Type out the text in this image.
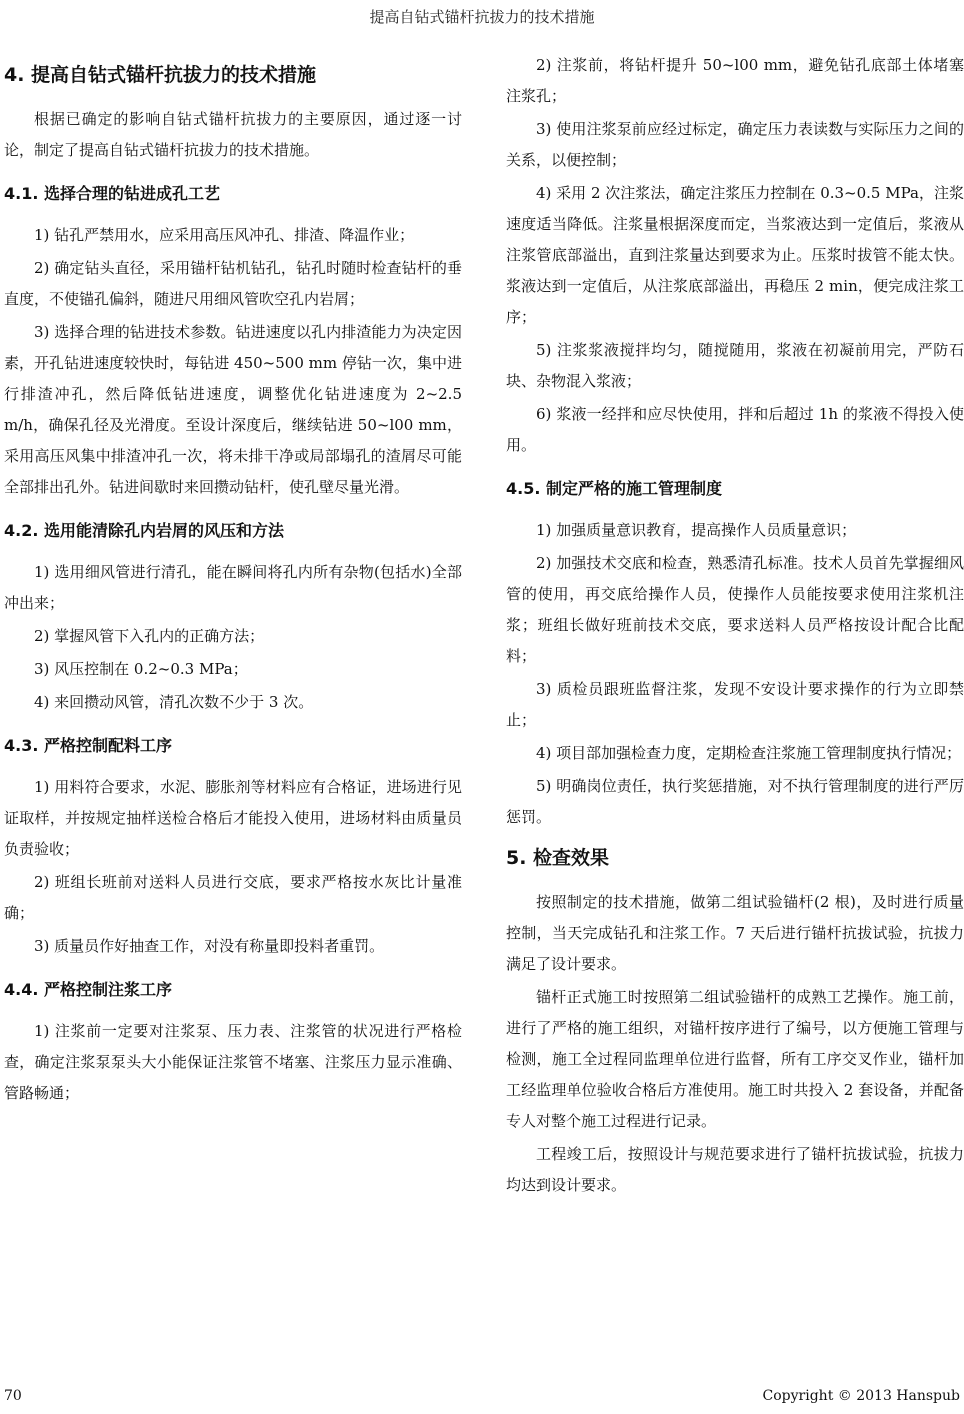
提高自钻式锚杆抗拔力的技术措施
4. 提高自钻式锚杆抗拔力的技术措施

根据已确定的影响自钻式锚杆抗拔力的主要原因，通过逐一讨论，制定了提高自钻式锚杆抗拔力的技术措施。

4.1. 选择合理的钻进成孔工艺

1) 钻孔严禁用水，应采用高压风冲孔、排渣、降温作业；

2) 确定钻头直径，采用锚杆钻机钻孔，钻孔时随时检查钻杆的垂直度，不使锚孔偏斜，随进尺用细风管吹空孔内岩屑；

3) 选择合理的钻进技术参数。钻进速度以孔内排渣能力为决定因素，开孔钻进速度较快时，每钻进 450~500 mm 停钻一次，集中进行排渣冲孔，然后降低钻进速度，调整优化钻进速度为 2~2.5 m/h，确保孔径及光滑度。至设计深度后，继续钻进 50~l00 mm，采用高压风集中排渣冲孔一次，将未排干净或局部塌孔的渣屑尽可能全部排出孔外。钻进间歇时来回攒动钻杆，使孔壁尽量光滑。

4.2. 选用能清除孔内岩屑的风压和方法

1) 选用细风管进行清孔，能在瞬间将孔内所有杂物(包括水)全部冲出来；

2) 掌握风管下入孔内的正确方法；

3) 风压控制在 0.2~0.3 MPa；

4) 来回攒动风管，清孔次数不少于 3 次。

4.3. 严格控制配料工序

1) 用料符合要求，水泥、膨胀剂等材料应有合格证，进场进行见证取样，并按规定抽样送检合格后才能投入使用，进场材料由质量员负责验收；

2) 班组长班前对送料人员进行交底，要求严格按水灰比计量准确；

3) 质量员作好抽查工作，对没有称量即投料者重罚。

4.4. 严格控制注浆工序

1) 注浆前一定要对注浆泵、压力表、注浆管的状况进行严格检查，确定注浆泵泵头大小能保证注浆管不堵塞、注浆压力显示准确、管路畅通；

2) 注浆前，将钻杆提升 50~l00 mm，避免钻孔底部土体堵塞注浆孔；

3) 使用注浆泵前应经过标定，确定压力表读数与实际压力之间的关系，以便控制；

4) 采用 2 次注浆法，确定注浆压力控制在 0.3~0.5 MPa，注浆速度适当降低。注浆量根据深度而定，当浆液达到一定值后，浆液从注浆管底部溢出，直到注浆量达到要求为止。压浆时拔管不能太快。浆液达到一定值后，从注浆底部溢出，再稳压 2 min，便完成注浆工序；

5) 注浆浆液搅拌均匀，随搅随用，浆液在初凝前用完，严防石块、杂物混入浆液；

6) 浆液一经拌和应尽快使用，拌和后超过 1h 的浆液不得投入使用。

4.5. 制定严格的施工管理制度

1) 加强质量意识教育，提高操作人员质量意识；

2) 加强技术交底和检查，熟悉清孔标准。技术人员首先掌握细风管的使用，再交底给操作人员，使操作人员能按要求使用注浆机注浆；班组长做好班前技术交底，要求送料人员严格按设计配合比配料；

3) 质检员跟班监督注浆，发现不安设计要求操作的行为立即禁止；

4) 项目部加强检查力度，定期检查注浆施工管理制度执行情况；

5) 明确岗位责任，执行奖惩措施，对不执行管理制度的进行严厉惩罚。

5. 检查效果

按照制定的技术措施，做第二组试验锚杆(2 根)，及时进行质量控制，当天完成钻孔和注浆工作。7 天后进行锚杆抗拔试验，抗拔力满足了设计要求。

锚杆正式施工时按照第二组试验锚杆的成熟工艺操作。施工前，进行了严格的施工组织，对锚杆按序进行了编号，以方便施工管理与检测，施工全过程同监理单位进行监督，所有工序交叉作业，锚杆加工经监理单位验收合格后方准使用。施工时共投入 2 套设备，并配备专人对整个施工过程进行记录。

工程竣工后，按照设计与规范要求进行了锚杆抗拔试验，抗拔力均达到设计要求。

70	Copyright © 2013 Hanspub
